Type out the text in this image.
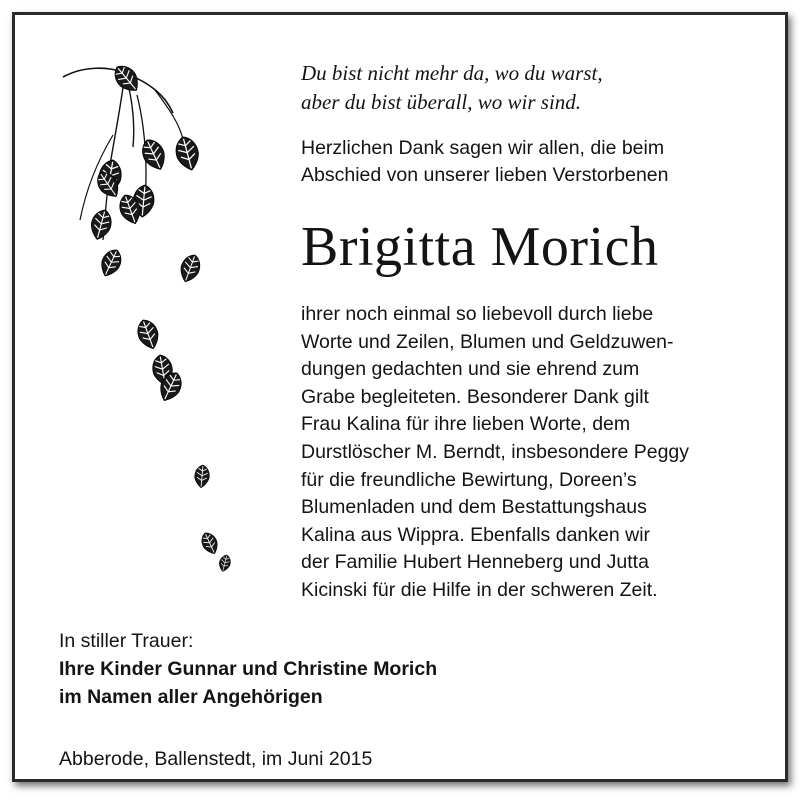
Du bist nicht mehr da, wo du warst,
aber du bist überall, wo wir sind.
Herzlichen Dank sagen wir allen, die beim
Abschied von unserer lieben Verstorbenen
Brigitta Morich
ihrer noch einmal so liebevoll durch liebe
Worte und Zeilen, Blumen und Geldzuwen-
dungen gedachten und sie ehrend zum
Grabe begleiteten. Besonderer Dank gilt
Frau Kalina für ihre lieben Worte, dem
Durstlöscher M. Berndt, insbesondere Peggy
für die freundliche Bewirtung, Doreen’s
Blumenladen und dem Bestattungshaus
Kalina aus Wippra. Ebenfalls danken wir
der Familie Hubert Henneberg und Jutta
Kicinski für die Hilfe in der schweren Zeit.
In stiller Trauer:
Ihre Kinder Gunnar und Christine Morich
im Namen aller Angehörigen
Abberode, Ballenstedt, im Juni 2015
